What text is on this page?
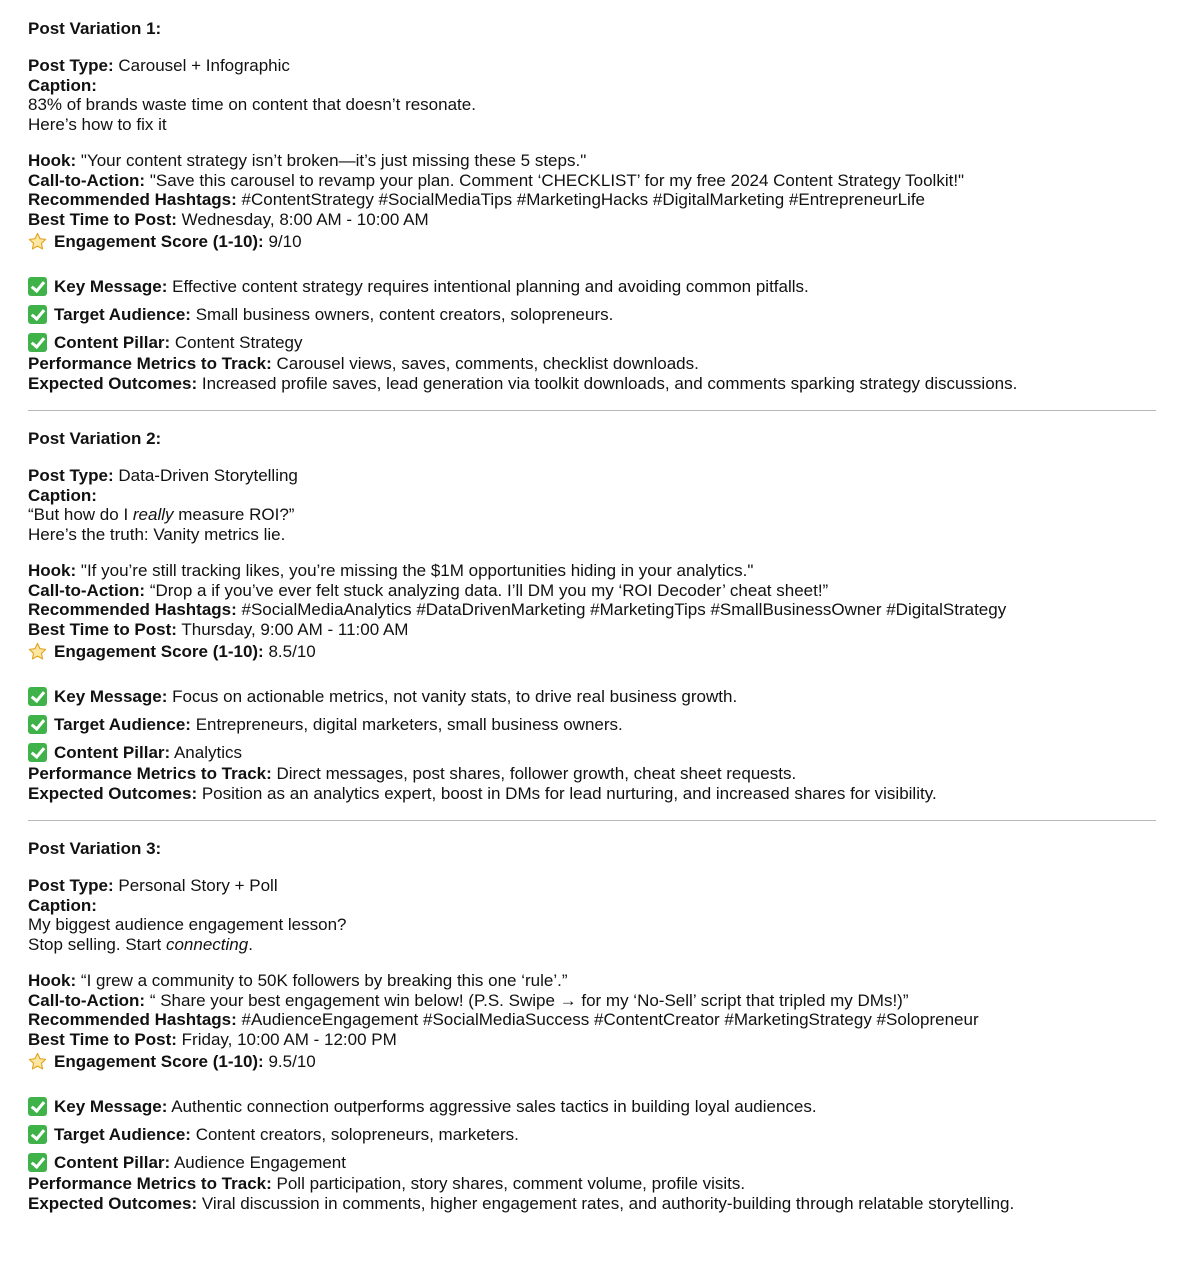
Post Variation 1:
Post Type: Carousel + Infographic
Caption:
83% of brands waste time on content that doesn’t resonate.
Here’s how to fix it
Hook: "Your content strategy isn’t broken—it’s just missing these 5 steps."
Call-to-Action: "Save this carousel to revamp your plan. Comment ‘CHECKLIST’ for my free 2024 Content Strategy Toolkit!"
Recommended Hashtags: #ContentStrategy #SocialMediaTips #MarketingHacks #DigitalMarketing #EntrepreneurLife
Best Time to Post: Wednesday, 8:00 AM - 10:00 AM
Engagement Score (1-10): 9/10
Key Message: Effective content strategy requires intentional planning and avoiding common pitfalls.
Target Audience: Small business owners, content creators, solopreneurs.
Content Pillar: Content Strategy
Performance Metrics to Track: Carousel views, saves, comments, checklist downloads.
Expected Outcomes: Increased profile saves, lead generation via toolkit downloads, and comments sparking strategy discussions.
Post Variation 2:
Post Type: Data-Driven Storytelling
Caption:
“But how do I really measure ROI?”
Here’s the truth: Vanity metrics lie.
Hook: "If you’re still tracking likes, you’re missing the $1M opportunities hiding in your analytics."
Call-to-Action: “Drop a if you’ve ever felt stuck analyzing data. I’ll DM you my ‘ROI Decoder’ cheat sheet!”
Recommended Hashtags: #SocialMediaAnalytics #DataDrivenMarketing #MarketingTips #SmallBusinessOwner #DigitalStrategy
Best Time to Post: Thursday, 9:00 AM - 11:00 AM
Engagement Score (1-10): 8.5/10
Key Message: Focus on actionable metrics, not vanity stats, to drive real business growth.
Target Audience: Entrepreneurs, digital marketers, small business owners.
Content Pillar: Analytics
Performance Metrics to Track: Direct messages, post shares, follower growth, cheat sheet requests.
Expected Outcomes: Position as an analytics expert, boost in DMs for lead nurturing, and increased shares for visibility.
Post Variation 3:
Post Type: Personal Story + Poll
Caption:
My biggest audience engagement lesson?
Stop selling. Start connecting.
Hook: “I grew a community to 50K followers by breaking this one ‘rule’.”
Call-to-Action: “ Share your best engagement win below! (P.S. Swipe → for my ‘No-Sell’ script that tripled my DMs!)”
Recommended Hashtags: #AudienceEngagement #SocialMediaSuccess #ContentCreator #MarketingStrategy #Solopreneur
Best Time to Post: Friday, 10:00 AM - 12:00 PM
Engagement Score (1-10): 9.5/10
Key Message: Authentic connection outperforms aggressive sales tactics in building loyal audiences.
Target Audience: Content creators, solopreneurs, marketers.
Content Pillar: Audience Engagement
Performance Metrics to Track: Poll participation, story shares, comment volume, profile visits.
Expected Outcomes: Viral discussion in comments, higher engagement rates, and authority-building through relatable storytelling.
